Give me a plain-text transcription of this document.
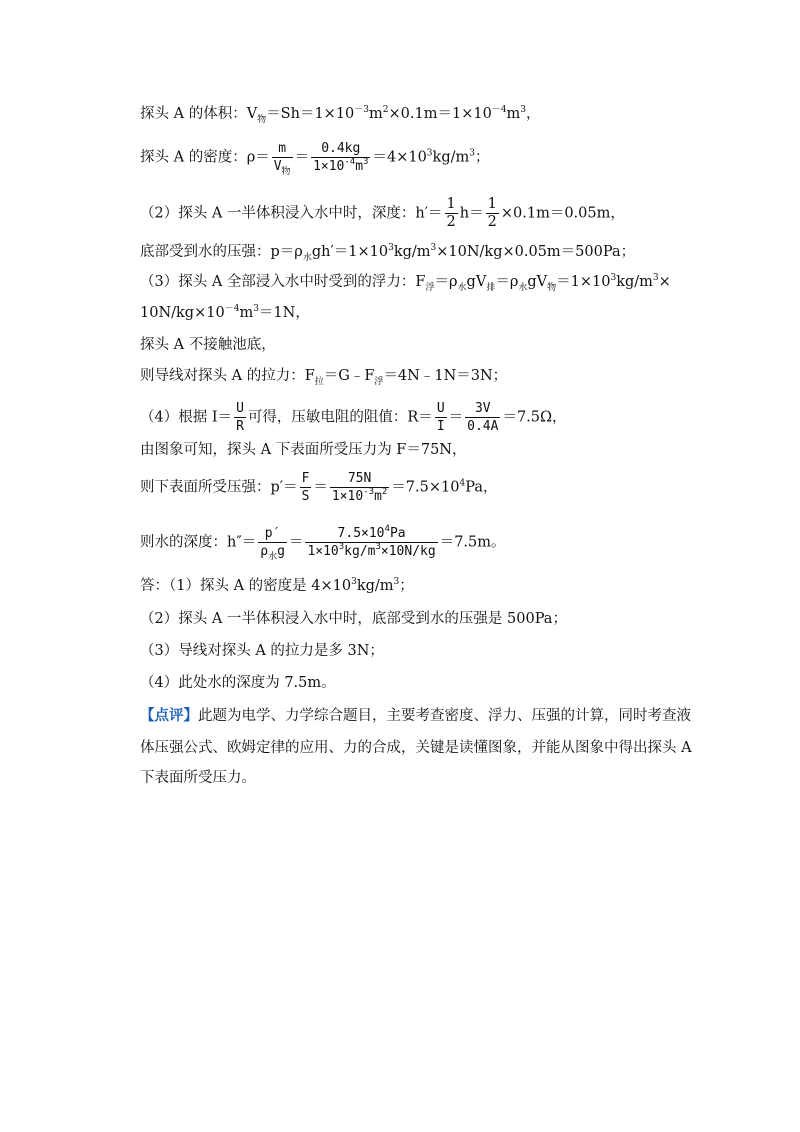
探头 A 的体积：$V_物=Sh=1\times 10^{-3}m^2\times 0.1m=1\times 10^{-4}m^3$，
探头 A 的密度：$\rho= \frac{m}{V_物} = \frac{0.4kg}{1\times 10^{-4}m^3} =4\times 10^3kg/m^3$；
（2）探头 A 一半体积浸入水中时，深度：$h'= \frac{1}{2} h= \frac{1}{2} \times 0.1m=0.05m$，
底部受到水的压强：$p=\rho_水gh'=1\times 10^3kg/m^3\times 10N/kg\times 0.05m=500Pa$；
（3）探头 A 全部浸入水中时受到的浮力：$F_浮=\rho_水gV_排=\rho_水gV_物=1\times 10^3kg/m^3\times$
$10N/kg\times 10^{-4}m^3=1N$，
探头 A 不接触池底，
则导线对探头 A 的拉力：$F_拉=G﹣F_浮=4N﹣1N=3N$；
（4）根据 $I= \frac{U}{R}$ 可得，压敏电阻的阻值：$R= \frac{U}{I} = \frac{3V}{0.4A} =7.5\Omega$，
由图象可知，探头 A 下表面所受压力为 F＝75N，
则下表面所受压强：$p'= \frac{F}{S} = \frac{75N}{1\times 10^{-3}m^2} =7.5\times 10^4Pa$，
则水的深度：$h''= \frac{p'}{\rho_水g} = \frac{7.5\times 10^4Pa}{1\times 10^3kg/m^3\times 10N/kg} =7.5m$。
答：（1）探头 A 的密度是 $4\times 10^3kg/m^3$；
（2）探头 A 一半体积浸入水中时，底部受到水的压强是 500Pa；
（3）导线对探头 A 的拉力是多 3N；
（4）此处水的深度为 7.5m。
【点评】此题为电学、力学综合题目，主要考查密度、浮力、压强的计算，同时考查液
体压强公式、欧姆定律的应用、力的合成，关键是读懂图象，并能从图象中得出探头 A
下表面所受压力。
